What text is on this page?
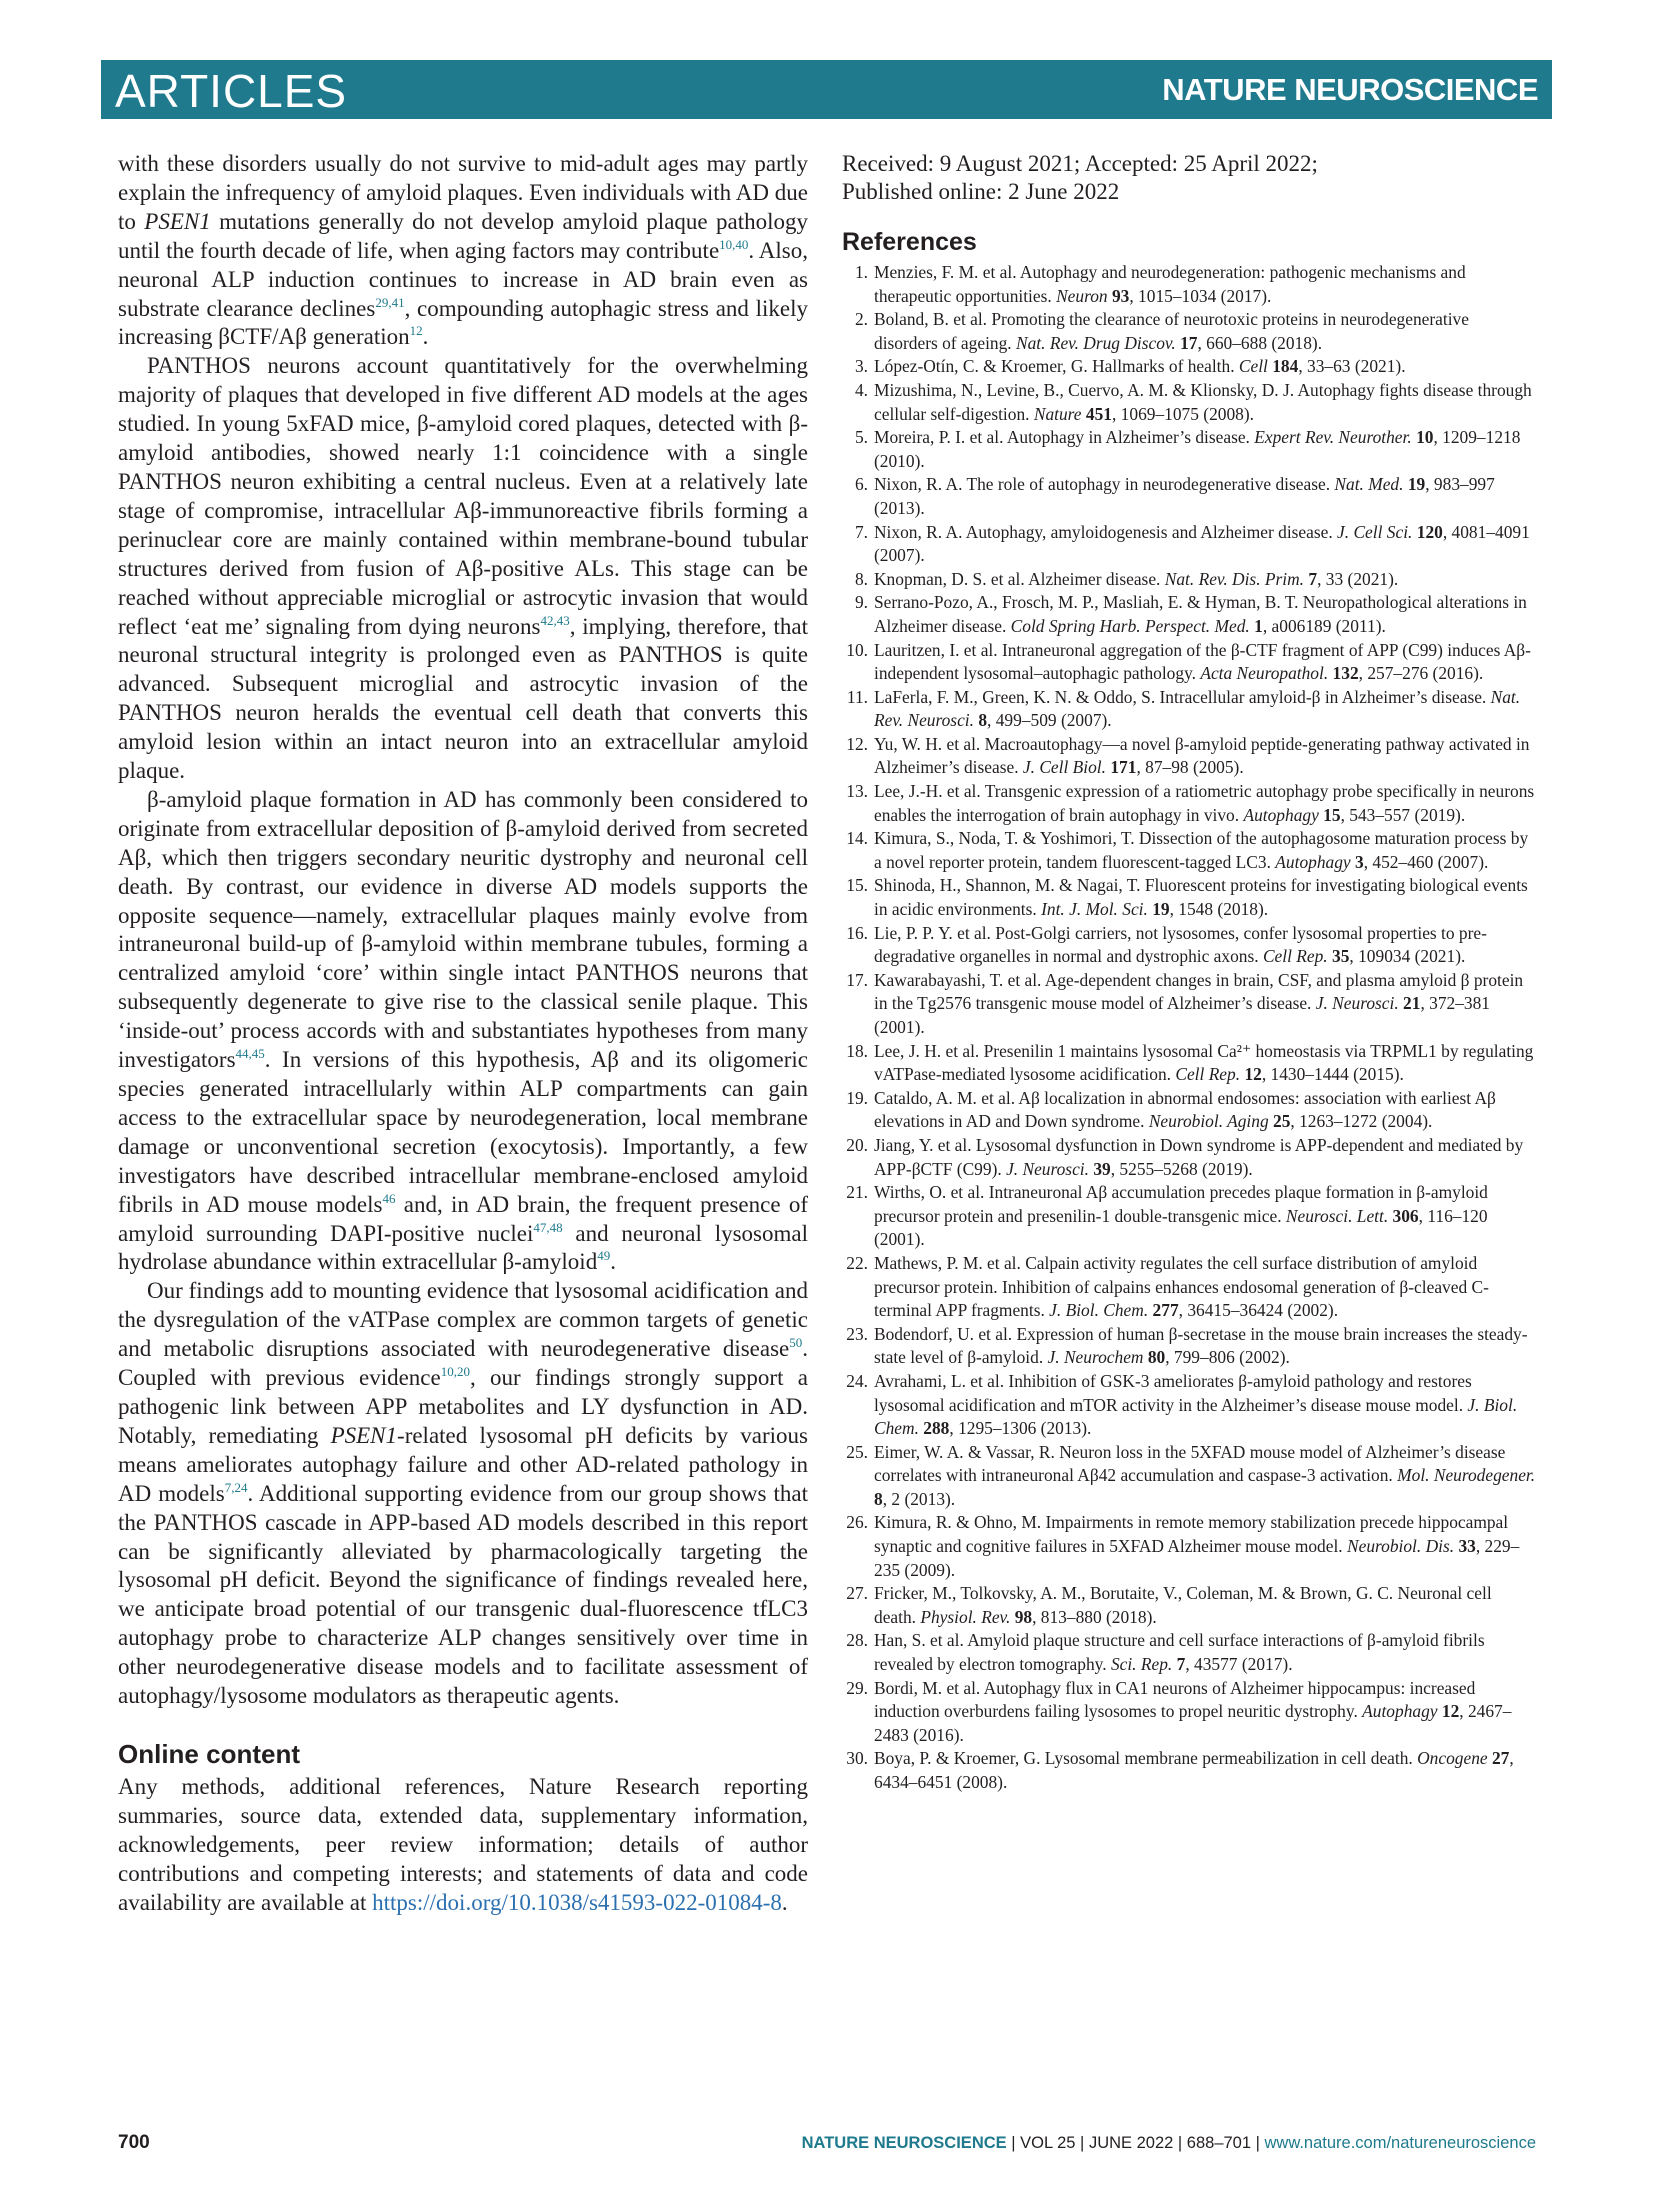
ARTICLES	NATURE NEUROSCIENCE

with these disorders usually do not survive to mid-adult ages may partly explain the infrequency of amyloid plaques. Even individuals with AD due to PSEN1 mutations generally do not develop amyloid plaque pathology until the fourth decade of life, when aging factors may contribute$^{10,40}$. Also, neuronal ALP induction continues to increase in AD brain even as substrate clearance declines$^{29,41}$, compounding autophagic stress and likely increasing βCTF/Aβ generation$^{12}$.

PANTHOS neurons account quantitatively for the overwhelming majority of plaques that developed in five different AD models at the ages studied. In young 5xFAD mice, β-amyloid cored plaques, detected with β-amyloid antibodies, showed nearly 1:1 coincidence with a single PANTHOS neuron exhibiting a central nucleus. Even at a relatively late stage of compromise, intracellular Aβ-immunoreactive fibrils forming a perinuclear core are mainly contained within membrane-bound tubular structures derived from fusion of Aβ-positive ALs. This stage can be reached without appreciable microglial or astrocytic invasion that would reflect ‘eat me’ signaling from dying neurons$^{42,43}$, implying, therefore, that neuronal structural integrity is prolonged even as PANTHOS is quite advanced. Subsequent microglial and astrocytic invasion of the PANTHOS neuron heralds the eventual cell death that converts this amyloid lesion within an intact neuron into an extracellular amyloid plaque.

β-amyloid plaque formation in AD has commonly been considered to originate from extracellular deposition of β-amyloid derived from secreted Aβ, which then triggers secondary neuritic dystrophy and neuronal cell death. By contrast, our evidence in diverse AD models supports the opposite sequence—namely, extracellular plaques mainly evolve from intraneuronal build-up of β-amyloid within membrane tubules, forming a centralized amyloid ‘core’ within single intact PANTHOS neurons that subsequently degenerate to give rise to the classical senile plaque. This ‘inside-out’ process accords with and substantiates hypotheses from many investigators$^{44,45}$. In versions of this hypothesis, Aβ and its oligomeric species generated intracellularly within ALP compartments can gain access to the extracellular space by neurodegeneration, local membrane damage or unconventional secretion (exocytosis). Importantly, a few investigators have described intracellular membrane-enclosed amyloid fibrils in AD mouse models$^{46}$ and, in AD brain, the frequent presence of amyloid surrounding DAPI-positive nuclei$^{47,48}$ and neuronal lysosomal hydrolase abundance within extracellular β-amyloid$^{49}$.

Our findings add to mounting evidence that lysosomal acidification and the dysregulation of the vATPase complex are common targets of genetic and metabolic disruptions associated with neurodegenerative disease$^{50}$. Coupled with previous evidence$^{10,20}$, our findings strongly support a pathogenic link between APP metabolites and LY dysfunction in AD. Notably, remediating PSEN1-related lysosomal pH deficits by various means ameliorates autophagy failure and other AD-related pathology in AD models$^{7,24}$. Additional supporting evidence from our group shows that the PANTHOS cascade in APP-based AD models described in this report can be significantly alleviated by pharmacologically targeting the lysosomal pH deficit. Beyond the significance of findings revealed here, we anticipate broad potential of our transgenic dual-fluorescence tfLC3 autophagy probe to characterize ALP changes sensitively over time in other neurodegenerative disease models and to facilitate assessment of autophagy/lysosome modulators as therapeutic agents.

Online content

Any methods, additional references, Nature Research reporting summaries, source data, extended data, supplementary information, acknowledgements, peer review information; details of author contributions and competing interests; and statements of data and code availability are available at https://doi.org/10.1038/s41593-022-01084-8.

Received: 9 August 2021; Accepted: 25 April 2022;
Published online: 2 June 2022
References
1. Menzies, F. M. et al. Autophagy and neurodegeneration: pathogenic mechanisms and therapeutic opportunities. Neuron 93, 1015–1034 (2017).
2. Boland, B. et al. Promoting the clearance of neurotoxic proteins in neurodegenerative disorders of ageing. Nat. Rev. Drug Discov. 17, 660–688 (2018).
3. López-Otín, C. & Kroemer, G. Hallmarks of health. Cell 184, 33–63 (2021).
4. Mizushima, N., Levine, B., Cuervo, A. M. & Klionsky, D. J. Autophagy fights disease through cellular self-digestion. Nature 451, 1069–1075 (2008).
5. Moreira, P. I. et al. Autophagy in Alzheimer’s disease. Expert Rev. Neurother. 10, 1209–1218 (2010).
6. Nixon, R. A. The role of autophagy in neurodegenerative disease. Nat. Med. 19, 983–997 (2013).
7. Nixon, R. A. Autophagy, amyloidogenesis and Alzheimer disease. J. Cell Sci. 120, 4081–4091 (2007).
8. Knopman, D. S. et al. Alzheimer disease. Nat. Rev. Dis. Prim. 7, 33 (2021).
9. Serrano-Pozo, A., Frosch, M. P., Masliah, E. & Hyman, B. T. Neuropathological alterations in Alzheimer disease. Cold Spring Harb. Perspect. Med. 1, a006189 (2011).
10. Lauritzen, I. et al. Intraneuronal aggregation of the β-CTF fragment of APP (C99) induces Aβ-independent lysosomal–autophagic pathology. Acta Neuropathol. 132, 257–276 (2016).
11. LaFerla, F. M., Green, K. N. & Oddo, S. Intracellular amyloid-β in Alzheimer’s disease. Nat. Rev. Neurosci. 8, 499–509 (2007).
12. Yu, W. H. et al. Macroautophagy—a novel β-amyloid peptide-generating pathway activated in Alzheimer’s disease. J. Cell Biol. 171, 87–98 (2005).
13. Lee, J.-H. et al. Transgenic expression of a ratiometric autophagy probe specifically in neurons enables the interrogation of brain autophagy in vivo. Autophagy 15, 543–557 (2019).
14. Kimura, S., Noda, T. & Yoshimori, T. Dissection of the autophagosome maturation process by a novel reporter protein, tandem fluorescent-tagged LC3. Autophagy 3, 452–460 (2007).
15. Shinoda, H., Shannon, M. & Nagai, T. Fluorescent proteins for investigating biological events in acidic environments. Int. J. Mol. Sci. 19, 1548 (2018).
16. Lie, P. P. Y. et al. Post-Golgi carriers, not lysosomes, confer lysosomal properties to pre-degradative organelles in normal and dystrophic axons. Cell Rep. 35, 109034 (2021).
17. Kawarabayashi, T. et al. Age-dependent changes in brain, CSF, and plasma amyloid β protein in the Tg2576 transgenic mouse model of Alzheimer’s disease. J. Neurosci. 21, 372–381 (2001).
18. Lee, J. H. et al. Presenilin 1 maintains lysosomal Ca²⁺ homeostasis via TRPML1 by regulating vATPase-mediated lysosome acidification. Cell Rep. 12, 1430–1444 (2015).
19. Cataldo, A. M. et al. Aβ localization in abnormal endosomes: association with earliest Aβ elevations in AD and Down syndrome. Neurobiol. Aging 25, 1263–1272 (2004).
20. Jiang, Y. et al. Lysosomal dysfunction in Down syndrome is APP-dependent and mediated by APP-βCTF (C99). J. Neurosci. 39, 5255–5268 (2019).
21. Wirths, O. et al. Intraneuronal Aβ accumulation precedes plaque formation in β-amyloid precursor protein and presenilin-1 double-transgenic mice. Neurosci. Lett. 306, 116–120 (2001).
22. Mathews, P. M. et al. Calpain activity regulates the cell surface distribution of amyloid precursor protein. Inhibition of calpains enhances endosomal generation of β-cleaved C-terminal APP fragments. J. Biol. Chem. 277, 36415–36424 (2002).
23. Bodendorf, U. et al. Expression of human β-secretase in the mouse brain increases the steady-state level of β-amyloid. J. Neurochem 80, 799–806 (2002).
24. Avrahami, L. et al. Inhibition of GSK-3 ameliorates β-amyloid pathology and restores lysosomal acidification and mTOR activity in the Alzheimer’s disease mouse model. J. Biol. Chem. 288, 1295–1306 (2013).
25. Eimer, W. A. & Vassar, R. Neuron loss in the 5XFAD mouse model of Alzheimer’s disease correlates with intraneuronal Aβ42 accumulation and caspase-3 activation. Mol. Neurodegener. 8, 2 (2013).
26. Kimura, R. & Ohno, M. Impairments in remote memory stabilization precede hippocampal synaptic and cognitive failures in 5XFAD Alzheimer mouse model. Neurobiol. Dis. 33, 229–235 (2009).
27. Fricker, M., Tolkovsky, A. M., Borutaite, V., Coleman, M. & Brown, G. C. Neuronal cell death. Physiol. Rev. 98, 813–880 (2018).
28. Han, S. et al. Amyloid plaque structure and cell surface interactions of β-amyloid fibrils revealed by electron tomography. Sci. Rep. 7, 43577 (2017).
29. Bordi, M. et al. Autophagy flux in CA1 neurons of Alzheimer hippocampus: increased induction overburdens failing lysosomes to propel neuritic dystrophy. Autophagy 12, 2467–2483 (2016).
30. Boya, P. & Kroemer, G. Lysosomal membrane permeabilization in cell death. Oncogene 27, 6434–6451 (2008).
700	NATURE NEUROSCIENCE | VOL 25 | JUNE 2022 | 688–701 | www.nature.com/natureneuroscience
